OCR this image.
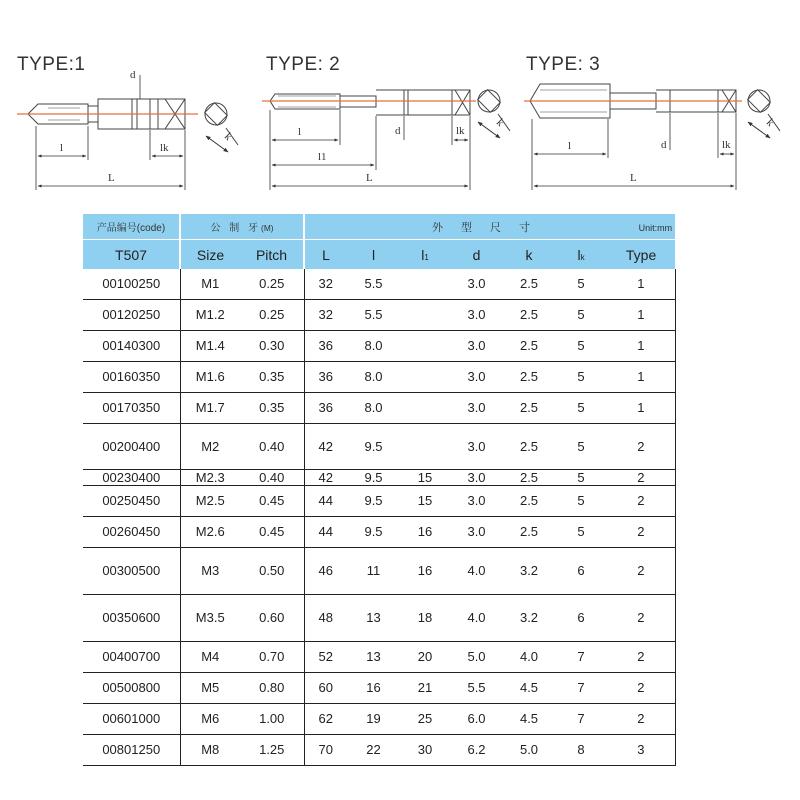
TYPE:1
k
d
l	lk
L
TYPE: 2
k
d
l	lk
l1
L
TYPE: 3
k
d
l	lk
L
产品编号(code)	公 制 牙(M)		外型尺寸 Unit:mm						

T507	Size	Pitch	L	l	l1	d	k	lk	Type
00100250	M1	0.25	32	5.5		3.0	2.5	5	1
00120250	M1.2	0.25	32	5.5		3.0	2.5	5	1
00140300	M1.4	0.30	36	8.0		3.0	2.5	5	1
00160350	M1.6	0.35	36	8.0		3.0	2.5	5	1
00170350	M1.7	0.35	36	8.0		3.0	2.5	5	1
00200400	M2	0.40	42	9.5		3.0	2.5	5	2
00230400	M2.3	0.40	42	9.5	15	3.0	2.5	5	2
00250450	M2.5	0.45	44	9.5	15	3.0	2.5	5	2
00260450	M2.6	0.45	44	9.5	16	3.0	2.5	5	2
00300500	M3	0.50	46	11	16	4.0	3.2	6	2
00350600	M3.5	0.60	48	13	18	4.0	3.2	6	2
00400700	M4	0.70	52	13	20	5.0	4.0	7	2
00500800	M5	0.80	60	16	21	5.5	4.5	7	2
00601000	M6	1.00	62	19	25	6.0	4.5	7	2
00801250	M8	1.25	70	22	30	6.2	5.0	8	3
